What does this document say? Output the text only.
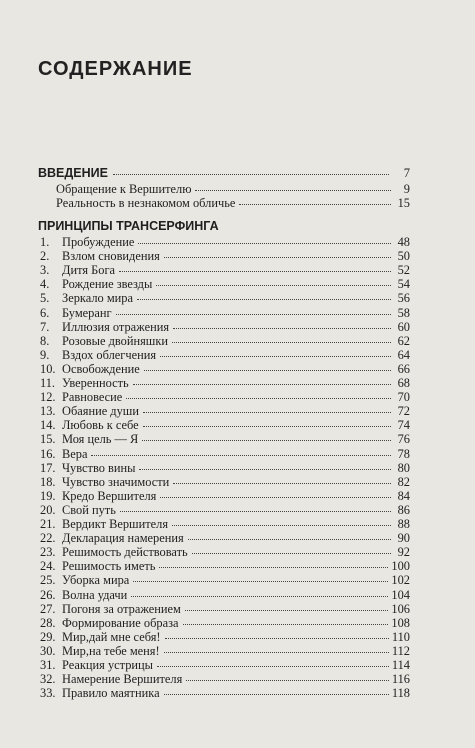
СОДЕРЖАНИЕ
ВВЕДЕНИЕ	7
Обращение к Вершителю	9
Реальность в незнакомом обличье	15
ПРИНЦИПЫ ТРАНСЕРФИНГА
1.	Пробуждение	48
2.	Взлом сновидения	50
3.	Дитя Бога	52
4.	Рождение звезды	54
5.	Зеркало мира	56
6.	Бумеранг	58
7.	Иллюзия отражения	60
8.	Розовые двойняшки	62
9.	Вздох облегчения	64
10. Освобождение	66
11. Уверенность	68
12. Равновесие	70
13. Обаяние души	72
14. Любовь к себе	74
15. Моя цель — Я	76
16. Вера	78
17. Чувство вины	80
18. Чувство значимости	82
19. Кредо Вершителя	84
20. Свой путь	86
21. Вердикт Вершителя	88
22. Декларация намерения	90
23. Решимость действовать	92
24. Решимость иметь	100
25. Уборка мира	102
26. Волна удачи	104
27. Погоня за отражением	106
28. Формирование образа	108
29. Мир,дай мне себя!	110
30. Мир,на тебе меня!	112
31. Реакция устрицы	114
32. Намерение Вершителя	116
33. Правило маятника	118
